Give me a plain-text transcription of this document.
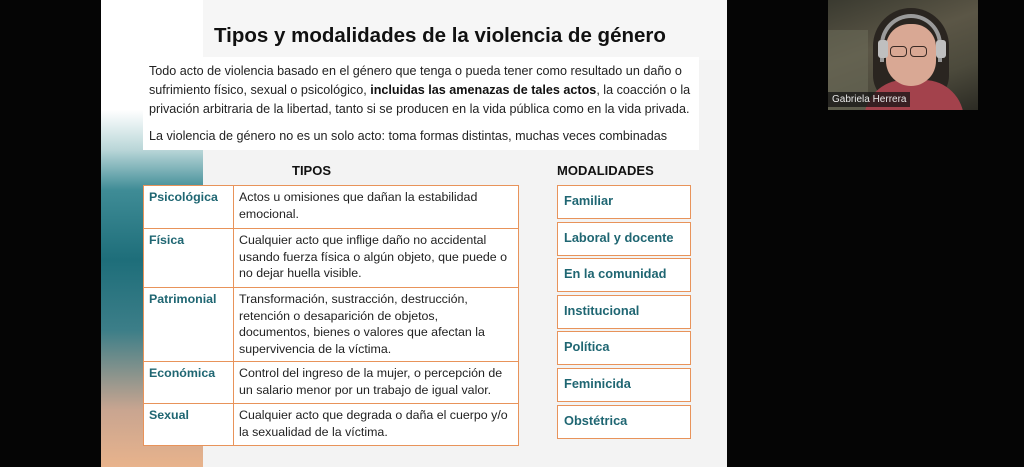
Tipos y modalidades de la violencia de género
Todo acto de violencia basado en el género que tenga o pueda tener como resultado un daño o sufrimiento físico, sexual o psicológico, incluidas las amenazas de tales actos, la coacción o la privación arbitraria de la libertad, tanto si se producen en la vida pública como en la vida privada.
La violencia de género no es un solo acto: toma formas distintas, muchas veces combinadas
TIPOS	MODALIDADES
Psicológica	Actos u omisiones que dañan la estabilidad emocional.
Física	Cualquier acto que inflige daño no accidental usando fuerza física o algún objeto, que puede o no dejar huella visible.
Patrimonial	Transformación, sustracción, destrucción, retención o desaparición de objetos, documentos, bienes o valores que afectan la supervivencia de la víctima.
Económica	Control del ingreso de la mujer, o percepción de un salario menor por un trabajo de igual valor.
Sexual	Cualquier acto que degrada o daña el cuerpo y/o la sexualidad de la víctima.
Familiar
Laboral y docente
En la comunidad
Institucional
Política
Feminicida
Obstétrica
Gabriela Herrera
